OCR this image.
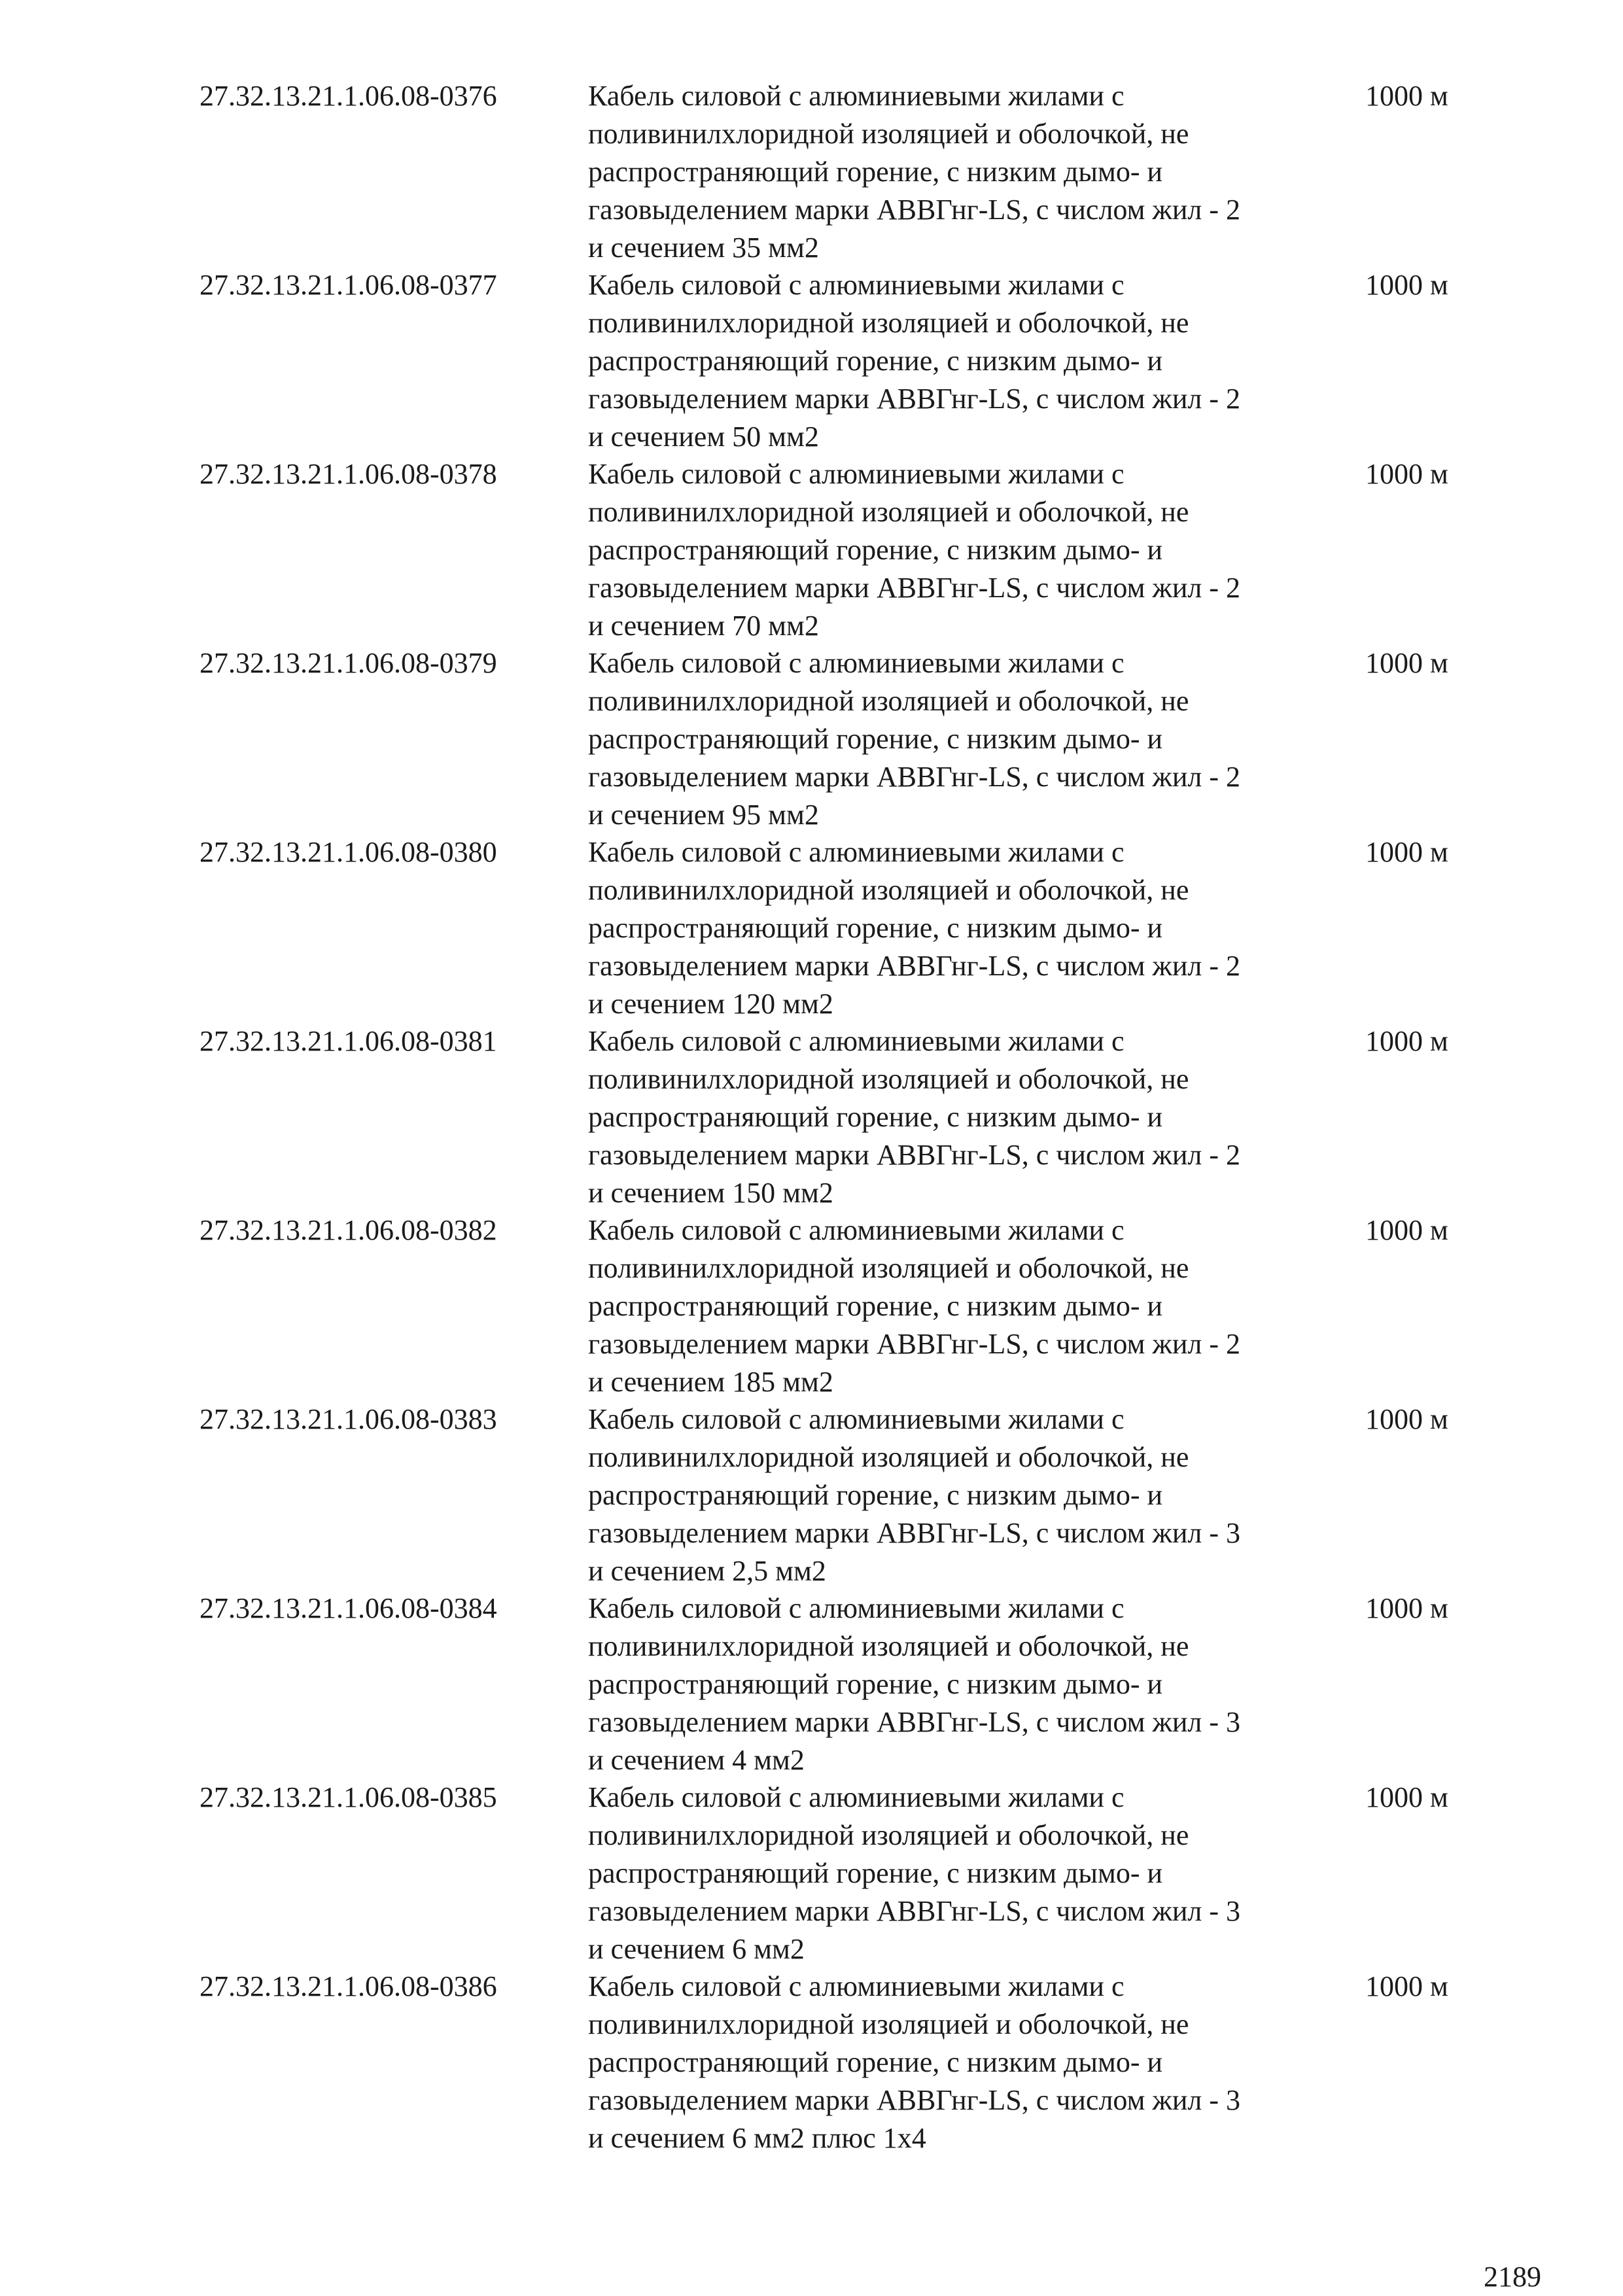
27.32.13.21.1.06.08-0376	Кабель силовой с алюминиевыми жилами с
поливинилхлоридной изоляцией и оболочкой, не
распространяющий горение, с низким дымо- и
газовыделением марки АВВГнг-LS, с числом жил - 2
и сечением 35 мм2
1000 м
27.32.13.21.1.06.08-0377	Кабель силовой с алюминиевыми жилами с
поливинилхлоридной изоляцией и оболочкой, не
распространяющий горение, с низким дымо- и
газовыделением марки АВВГнг-LS, с числом жил - 2
и сечением 50 мм2
1000 м
27.32.13.21.1.06.08-0378	Кабель силовой с алюминиевыми жилами с
поливинилхлоридной изоляцией и оболочкой, не
распространяющий горение, с низким дымо- и
газовыделением марки АВВГнг-LS, с числом жил - 2
и сечением 70 мм2
1000 м
27.32.13.21.1.06.08-0379	Кабель силовой с алюминиевыми жилами с
поливинилхлоридной изоляцией и оболочкой, не
распространяющий горение, с низким дымо- и
газовыделением марки АВВГнг-LS, с числом жил - 2
и сечением 95 мм2
1000 м
27.32.13.21.1.06.08-0380	Кабель силовой с алюминиевыми жилами с
поливинилхлоридной изоляцией и оболочкой, не
распространяющий горение, с низким дымо- и
газовыделением марки АВВГнг-LS, с числом жил - 2
и сечением 120 мм2
1000 м
27.32.13.21.1.06.08-0381	Кабель силовой с алюминиевыми жилами с
поливинилхлоридной изоляцией и оболочкой, не
распространяющий горение, с низким дымо- и
газовыделением марки АВВГнг-LS, с числом жил - 2
и сечением 150 мм2
1000 м
27.32.13.21.1.06.08-0382	Кабель силовой с алюминиевыми жилами с
поливинилхлоридной изоляцией и оболочкой, не
распространяющий горение, с низким дымо- и
газовыделением марки АВВГнг-LS, с числом жил - 2
и сечением 185 мм2
1000 м
27.32.13.21.1.06.08-0383	Кабель силовой с алюминиевыми жилами с
поливинилхлоридной изоляцией и оболочкой, не
распространяющий горение, с низким дымо- и
газовыделением марки АВВГнг-LS, с числом жил - 3
и сечением 2,5 мм2
1000 м
27.32.13.21.1.06.08-0384	Кабель силовой с алюминиевыми жилами с
поливинилхлоридной изоляцией и оболочкой, не
распространяющий горение, с низким дымо- и
газовыделением марки АВВГнг-LS, с числом жил - 3
и сечением 4 мм2
1000 м
27.32.13.21.1.06.08-0385	Кабель силовой с алюминиевыми жилами с
поливинилхлоридной изоляцией и оболочкой, не
распространяющий горение, с низким дымо- и
газовыделением марки АВВГнг-LS, с числом жил - 3
и сечением 6 мм2
1000 м
27.32.13.21.1.06.08-0386	Кабель силовой с алюминиевыми жилами с
поливинилхлоридной изоляцией и оболочкой, не
распространяющий горение, с низким дымо- и
газовыделением марки АВВГнг-LS, с числом жил - 3
и сечением 6 мм2 плюс 1х4
1000 м
2189
